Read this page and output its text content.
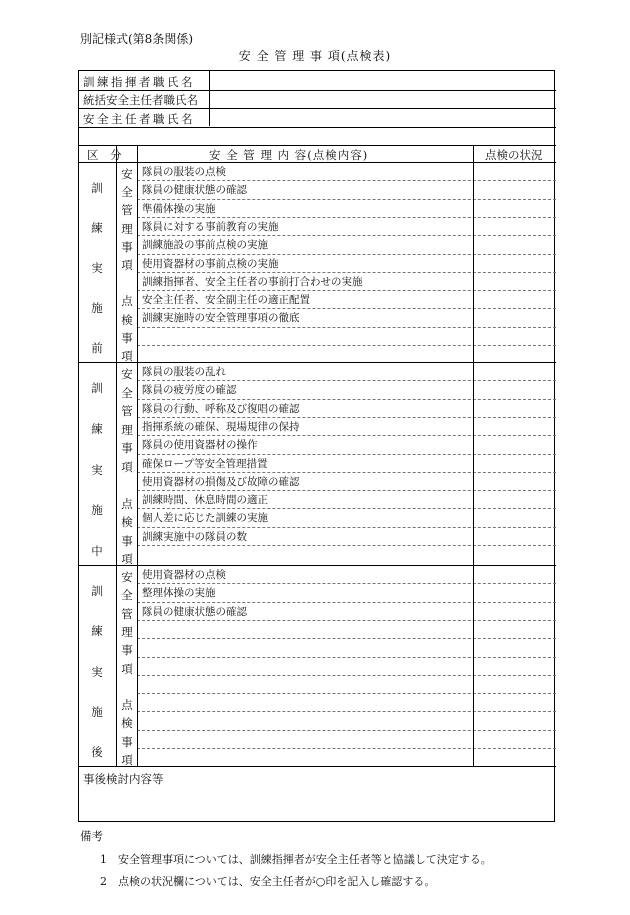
別記様式(第8条関係)
安 全 管 理 事 項(点検表)
訓練指揮者職氏名
統括安全主任者職氏名
安全主任者職氏名
区　分	安 全 管 理 内 容(点検内容)	点検の状況
訓
練
実
施
前
安
全
管
理
事
項
点
検
事
項
隊員の服装の点検
隊員の健康状態の確認
準備体操の実施
隊員に対する事前教育の実施
訓練施設の事前点検の実施
使用資器材の事前点検の実施
訓練指揮者、安全主任者の事前打合わせの実施
安全主任者、安全副主任の適正配置
訓練実施時の安全管理事項の徹底
訓
練
実
施
中
安
全
管
理
事
項
点
検
事
項
隊員の服装の乱れ
隊員の疲労度の確認
隊員の行動、呼称及び復唱の確認
指揮系統の確保、現場規律の保持
隊員の使用資器材の操作
確保ロープ等安全管理措置
使用資器材の損傷及び故障の確認
訓練時間、休息時間の適正
個人差に応じた訓練の実施
訓練実施中の隊員の数
訓
練
実
施
後
安
全
管
理
事
項
点
検
事
項
使用資器材の点検
整理体操の実施
隊員の健康状態の確認
事後検討内容等
備考
1　 安全管理事項については、訓練指揮者が安全主任者等と協議して決定する。
2　 点検の状況欄については、安全主任者が○印を記入し確認する。
